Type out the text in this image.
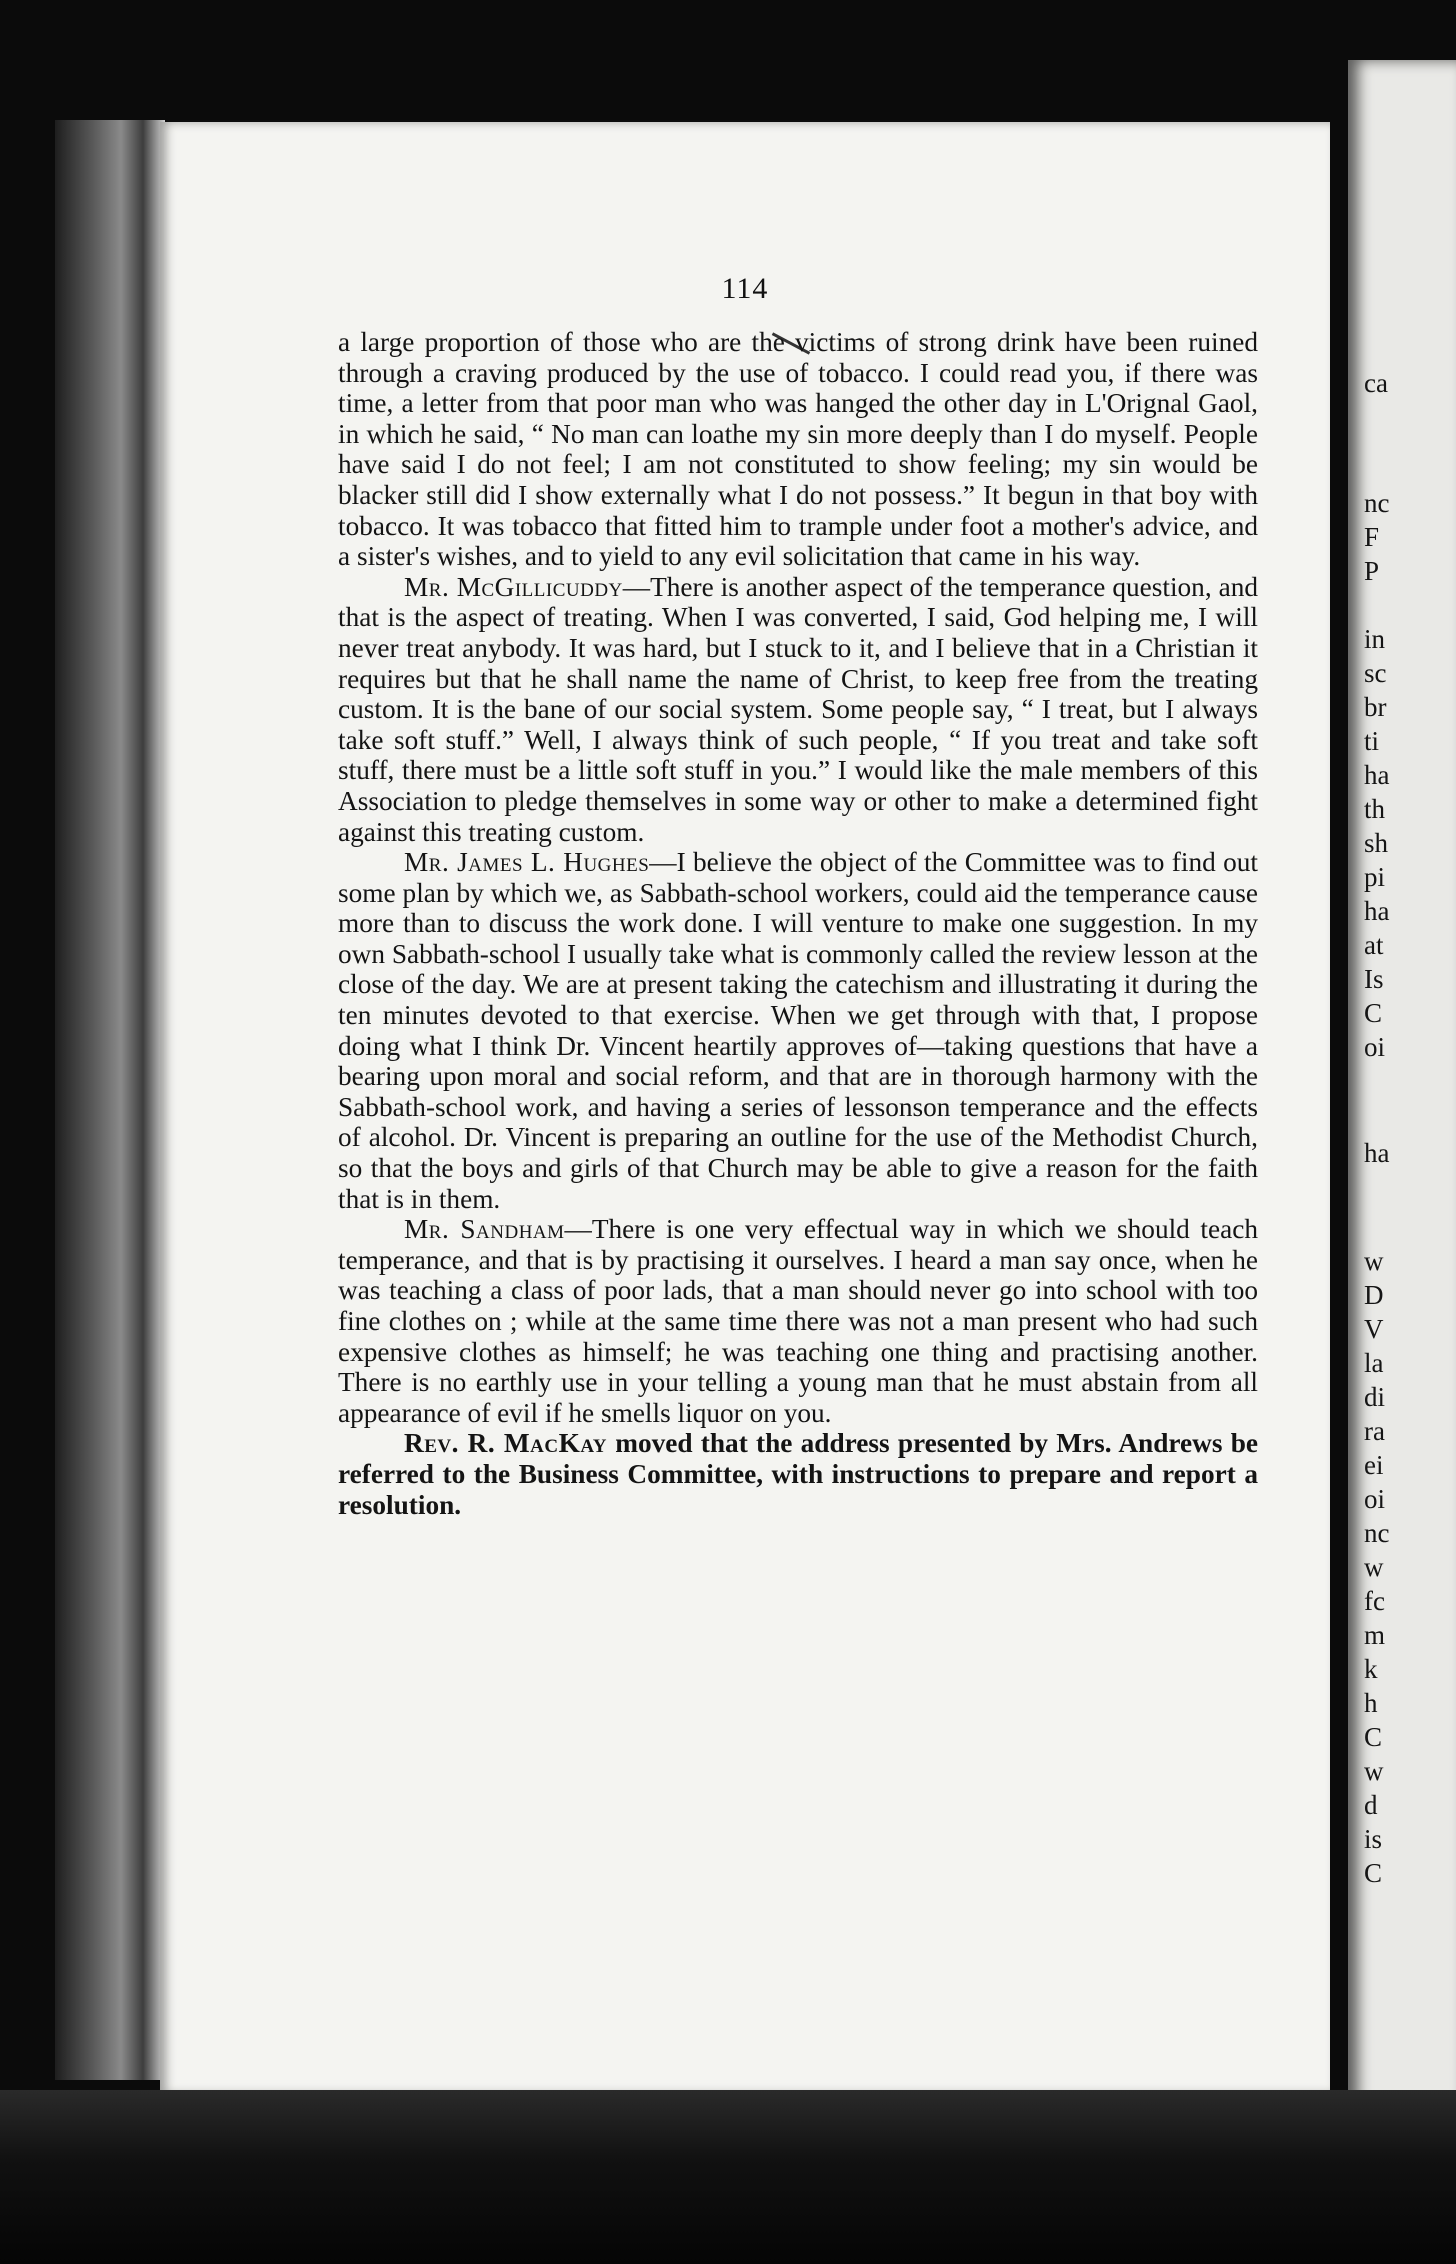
ca
nc
F
P
in
sc
br
ti
ha
th
sh
pi
ha
at
Is
C
oi
ha
w
D
V
la
di
ra
ei
oi
nc
w
fc
m
k
h
C
w
d
is
C
114

a large proportion of those who are the victims of strong drink have been ruined through a craving produced by the use of tobacco. I could read you, if there was time, a letter from that poor man who was hanged the other day in L'Orignal Gaol, in which he said, “ No man can loathe my sin more deeply than I do myself. People have said I do not feel; I am not constituted to show feeling; my sin would be blacker still did I show externally what I do not possess.” It begun in that boy with tobacco. It was tobacco that fitted him to trample under foot a mother's advice, and a sister's wishes, and to yield to any evil solicitation that came in his way.

Mr. McGillicuddy—There is another aspect of the temperance question, and that is the aspect of treating. When I was converted, I said, God helping me, I will never treat anybody. It was hard, but I stuck to it, and I believe that in a Christian it requires but that he shall name the name of Christ, to keep free from the treating custom. It is the bane of our social system. Some people say, “ I treat, but I always take soft stuff.” Well, I always think of such people, “ If you treat and take soft stuff, there must be a little soft stuff in you.” I would like the male members of this Association to pledge themselves in some way or other to make a determined fight against this treating custom.

Mr. James L. Hughes—I believe the object of the Committee was to find out some plan by which we, as Sabbath-school workers, could aid the temperance cause more than to discuss the work done. I will venture to make one suggestion. In my own Sabbath-school I usually take what is commonly called the review lesson at the close of the day. We are at present taking the catechism and illustrating it during the ten minutes devoted to that exercise. When we get through with that, I propose doing what I think Dr. Vincent heartily approves of—taking questions that have a bearing upon moral and social reform, and that are in thorough harmony with the Sabbath-school work, and having a series of lessonson temperance and the effects of alcohol. Dr. Vincent is preparing an outline for the use of the Methodist Church, so that the boys and girls of that Church may be able to give a reason for the faith that is in them.

Mr. Sandham—There is one very effectual way in which we should teach temperance, and that is by practising it ourselves. I heard a man say once, when he was teaching a class of poor lads, that a man should never go into school with too fine clothes on ; while at the same time there was not a man present who had such expensive clothes as himself; he was teaching one thing and practising another. There is no earthly use in your telling a young man that he must abstain from all appearance of evil if he smells liquor on you.

Rev. R. MacKay moved that the address presented by Mrs. Andrews be referred to the Business Committee, with instructions to prepare and report a resolution.
